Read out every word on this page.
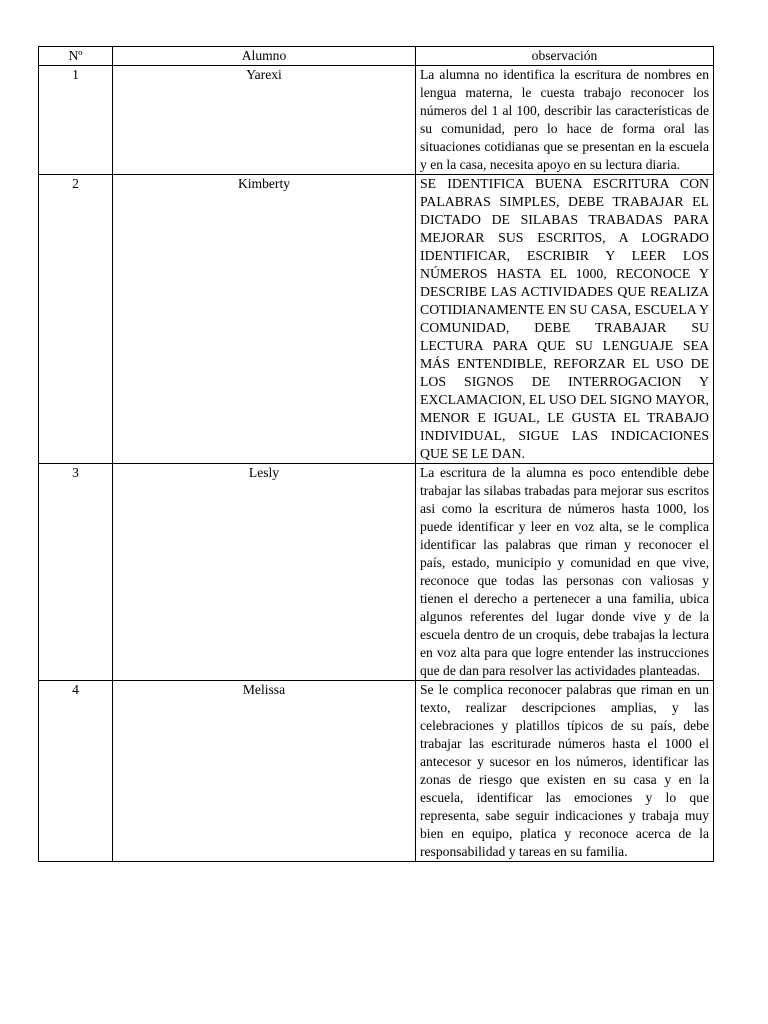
Nº	Alumno	observación
1	Yarexi	La alumna no identifica la escritura de nombres en lengua materna, le cuesta trabajo reconocer los números del 1 al 100, describir las características de su comunidad, pero lo hace de forma oral las situaciones cotidianas que se presentan en la escuela y en la casa, necesita apoyo en su lectura diaria.
2	Kimberty	SE IDENTIFICA BUENA ESCRITURA CON PALABRAS SIMPLES, DEBE TRABAJAR EL DICTADO DE SILABAS TRABADAS PARA MEJORAR SUS ESCRITOS, A LOGRADO IDENTIFICAR, ESCRIBIR Y LEER LOS NÚMEROS HASTA EL 1000, RECONOCE Y DESCRIBE LAS ACTIVIDADES QUE REALIZA COTIDIANAMENTE EN SU CASA, ESCUELA Y COMUNIDAD, DEBE TRABAJAR SU LECTURA PARA QUE SU LENGUAJE SEA MÁS ENTENDIBLE, REFORZAR EL USO DE LOS SIGNOS DE INTERROGACION Y EXCLAMACION, EL USO DEL SIGNO MAYOR, MENOR E IGUAL, LE GUSTA EL TRABAJO INDIVIDUAL, SIGUE LAS INDICACIONES QUE SE LE DAN.
3	Lesly	La escritura de la alumna es poco entendible debe trabajar las silabas trabadas para mejorar sus escritos asi como la escritura de números hasta 1000, los puede identificar y leer en voz alta, se le complica identificar las palabras que riman y reconocer el país, estado, municipio y comunidad en que vive, reconoce que todas las personas con valiosas y tienen el derecho a pertenecer a una familia, ubica algunos referentes del lugar donde vive y de la escuela dentro de un croquis, debe trabajas la lectura en voz alta para que logre entender las instrucciones que de dan para resolver las actividades planteadas.
4	Melissa	Se le complica reconocer palabras que riman en un texto, realizar descripciones amplias, y las celebraciones y platillos típicos de su país, debe trabajar las escriturade números hasta el 1000 el antecesor y sucesor en los números, identificar las zonas de riesgo que existen en su casa y en la escuela, identificar las emociones y lo que representa, sabe seguir indicaciones y trabaja muy bien en equipo, platica y reconoce acerca de la responsabilidad y tareas en su familia.
